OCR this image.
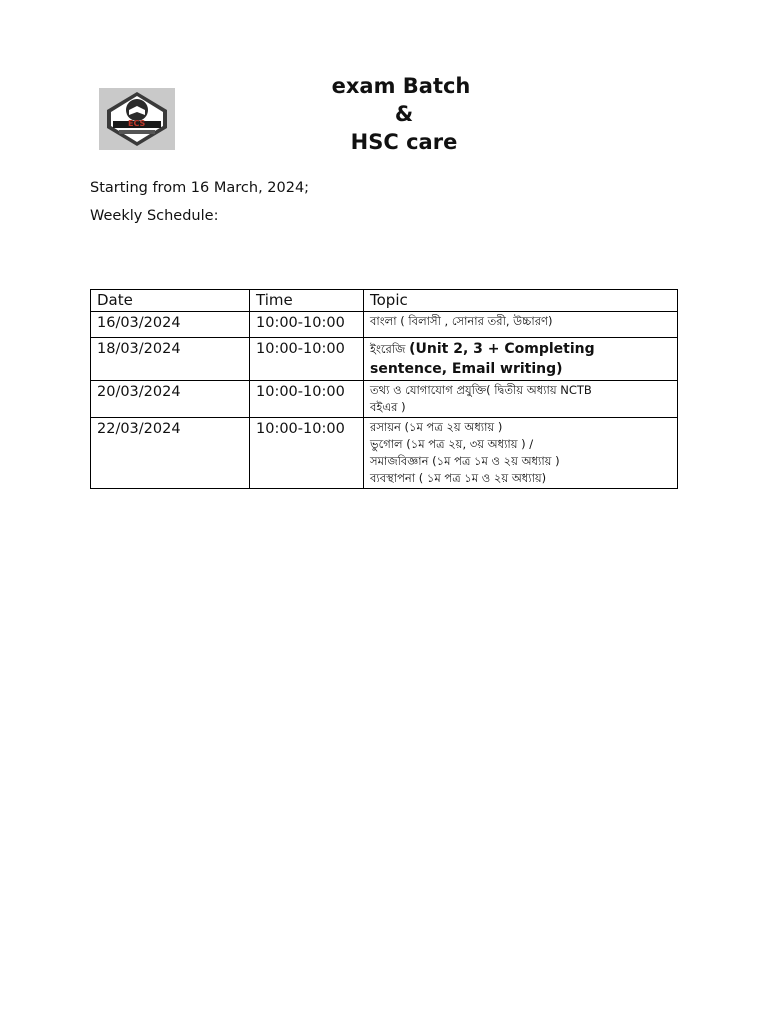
ECS
exam Batch
&
HSC care
Starting from 16 March, 2024;
Weekly Schedule:
Date	Time	Topic
16/03/2024	10:00-10:00	বাংলা ( বিলাসী , সোনার তরী, উচ্চারণ)

18/03/2024	10:00-10:00	ইংরেজি (Unit 2, 3 + Completing sentence, Email writing)
20/03/2024	10:00-10:00	তথ্য ও যোগাযোগ প্রযুক্তি( দ্বিতীয় অধ্যায় NCTB
বইএর )

22/03/2024	10:00-10:00	রসায়ন (১ম পত্র ২য় অধ্যায় )
ভুগোল (১ম পত্র ২য়, ৩য় অধ্যায় ) /
সমাজবিজ্ঞান (১ম পত্র ১ম ও ২য় অধ্যায় )
ব্যবস্থাপনা ( ১ম পত্র ১ম ও ২য় অধ্যায়)
